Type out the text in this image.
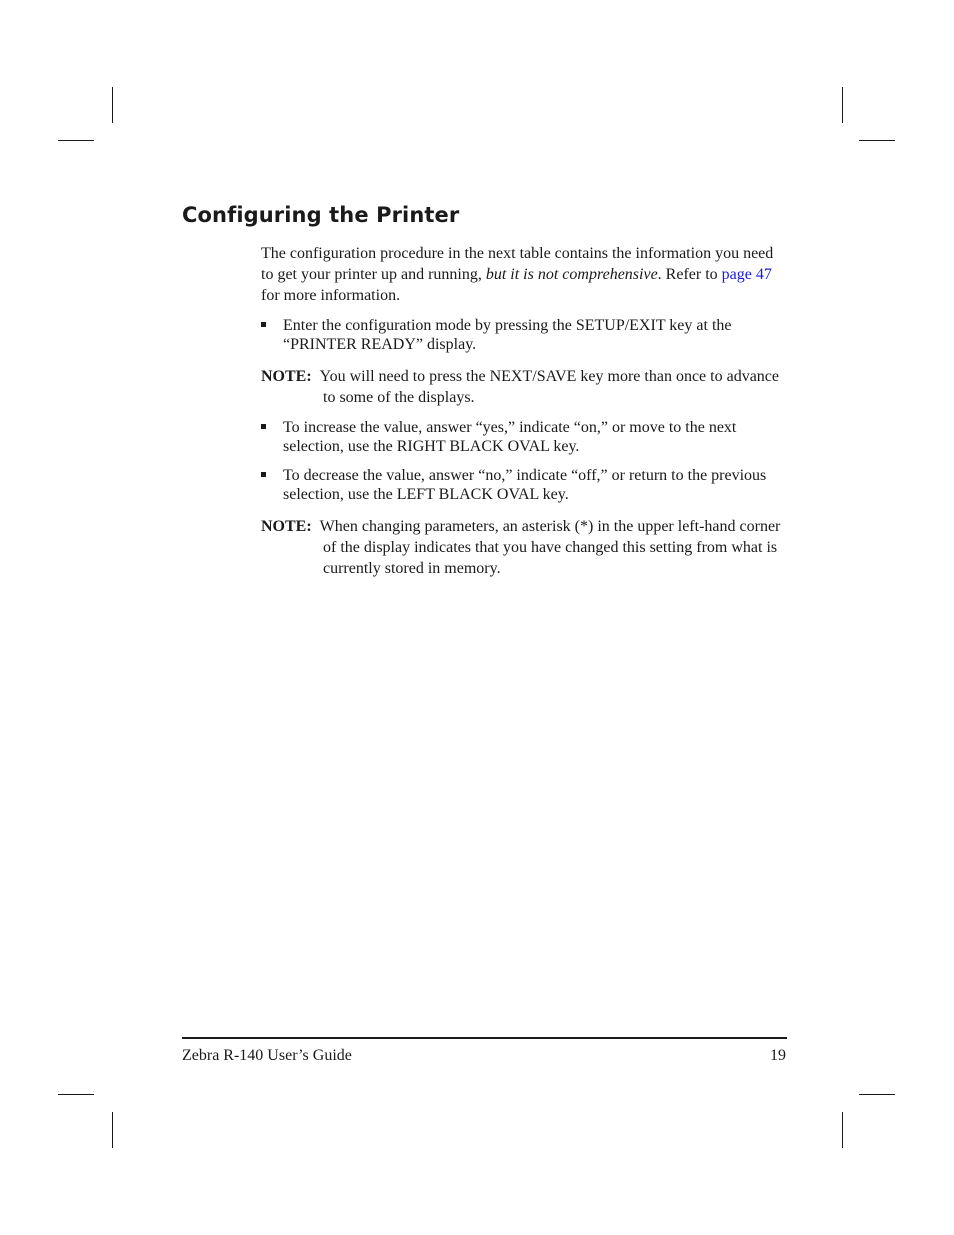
Configuring the Printer

The configuration procedure in the next table contains the information you need to get your printer up and running, but it is not comprehensive. Refer to page 47 for more information.

Enter the configuration mode by pressing the SETUP/EXIT key at the “PRINTER READY” display.
NOTE: You will need to press the NEXT/SAVE key more than once to advance to some of the displays.
To increase the value, answer “yes,” indicate “on,” or move to the next selection, use the RIGHT BLACK OVAL key.
To decrease the value, answer “no,” indicate “off,” or return to the previous selection, use the LEFT BLACK OVAL key.
NOTE: When changing parameters, an asterisk (*) in the upper left-hand corner of the display indicates that you have changed this setting from what is currently stored in memory.
Zebra R-140 User’s Guide	19
